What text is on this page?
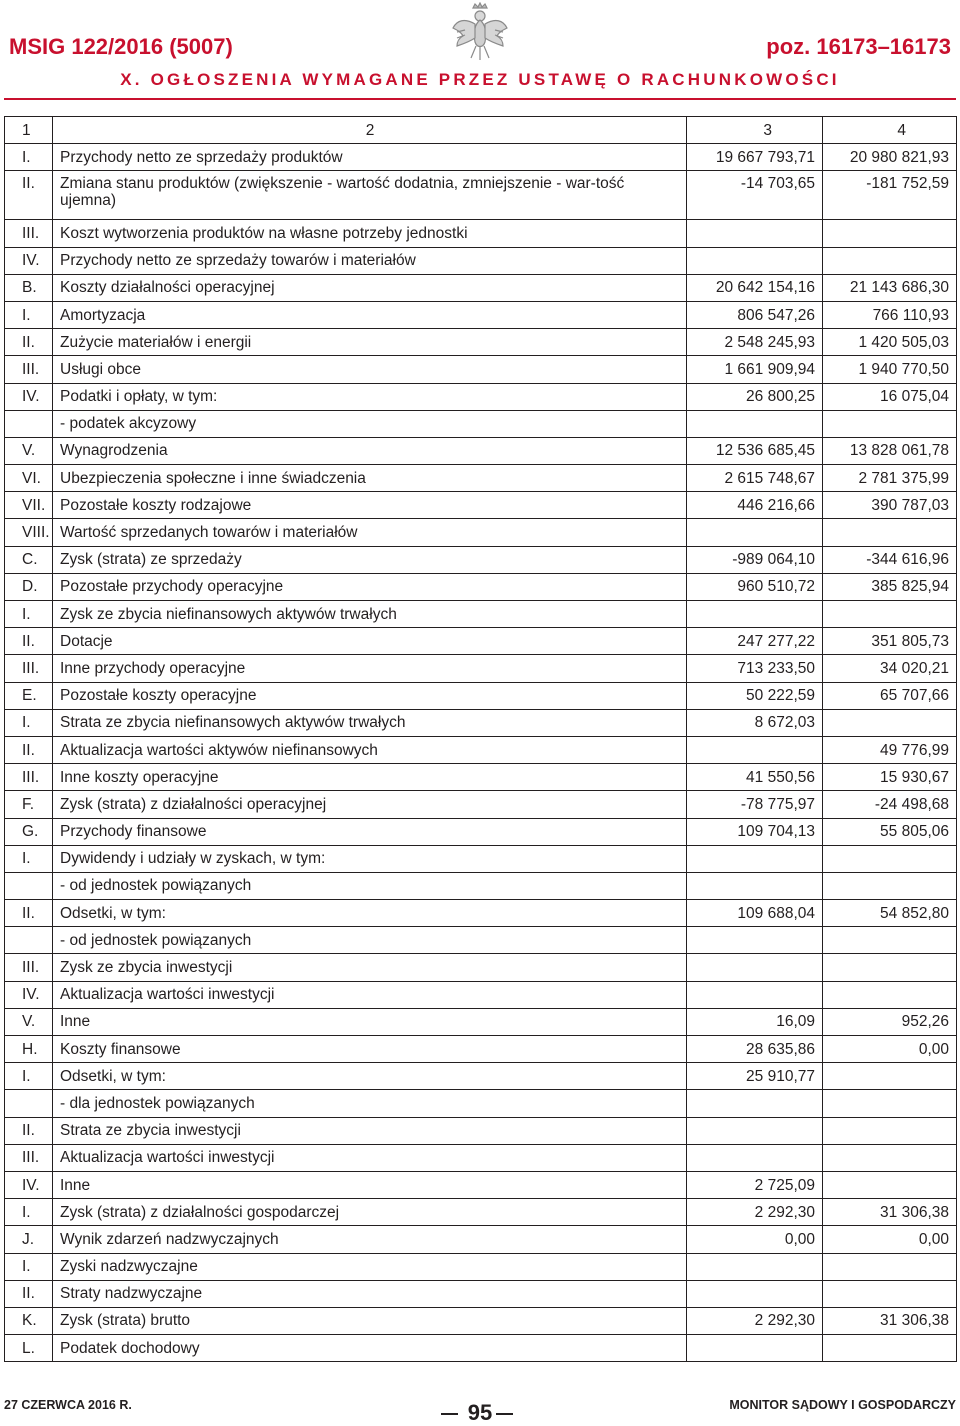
MSIG 122/2016 (5007)	poz. 16173–16173
X. OGŁOSZENIA WYMAGANE PRZEZ USTAWĘ O RACHUNKOWOŚCI
1	2	3	4
I.	Przychody netto ze sprzedaży produktów	19 667 793,71	20 980 821,93
II.	Zmiana stanu produktów (zwiększenie - wartość dodatnia, zmniejszenie - war-tość ujemna)	-14 703,65	-181 752,59
III.	Koszt wytworzenia produktów na własne potrzeby jednostki		
IV.	Przychody netto ze sprzedaży towarów i materiałów		
B.	Koszty działalności operacyjnej	20 642 154,16	21 143 686,30
I.	Amortyzacja	806 547,26	766 110,93
II.	Zużycie materiałów i energii	2 548 245,93	1 420 505,03
III.	Usługi obce	1 661 909,94	1 940 770,50
IV.	Podatki i opłaty, w tym:	26 800,25	16 075,04
	- podatek akcyzowy		
V.	Wynagrodzenia	12 536 685,45	13 828 061,78
VI.	Ubezpieczenia społeczne i inne świadczenia	2 615 748,67	2 781 375,99
VII.	Pozostałe koszty rodzajowe	446 216,66	390 787,03
VIII.	Wartość sprzedanych towarów i materiałów		
C.	Zysk (strata) ze sprzedaży	-989 064,10	-344 616,96
D.	Pozostałe przychody operacyjne	960 510,72	385 825,94
I.	Zysk ze zbycia niefinansowych aktywów trwałych		
II.	Dotacje	247 277,22	351 805,73
III.	Inne przychody operacyjne	713 233,50	34 020,21
E.	Pozostałe koszty operacyjne	50 222,59	65 707,66
I.	Strata ze zbycia niefinansowych aktywów trwałych	8 672,03	
II.	Aktualizacja wartości aktywów niefinansowych		49 776,99
III.	Inne koszty operacyjne	41 550,56	15 930,67
F.	Zysk (strata) z działalności operacyjnej	-78 775,97	-24 498,68
G.	Przychody finansowe	109 704,13	55 805,06
I.	Dywidendy i udziały w zyskach, w tym:		
	- od jednostek powiązanych		
II.	Odsetki, w tym:	109 688,04	54 852,80
	- od jednostek powiązanych		
III.	Zysk ze zbycia inwestycji		
IV.	Aktualizacja wartości inwestycji		
V.	Inne	16,09	952,26
H.	Koszty finansowe	28 635,86	0,00
I.	Odsetki, w tym:	25 910,77	
	- dla jednostek powiązanych		
II.	Strata ze zbycia inwestycji		
III.	Aktualizacja wartości inwestycji		
IV.	Inne	2 725,09	
I.	Zysk (strata) z działalności gospodarczej	2 292,30	31 306,38
J.	Wynik zdarzeń nadzwyczajnych	0,00	0,00
I.	Zyski nadzwyczajne		
II.	Straty nadzwyczajne		
K.	Zysk (strata) brutto	2 292,30	31 306,38
L.	Podatek dochodowy		
27 CZERWCA 2016 R.	95	MONITOR SĄDOWY I GOSPODARCZY
